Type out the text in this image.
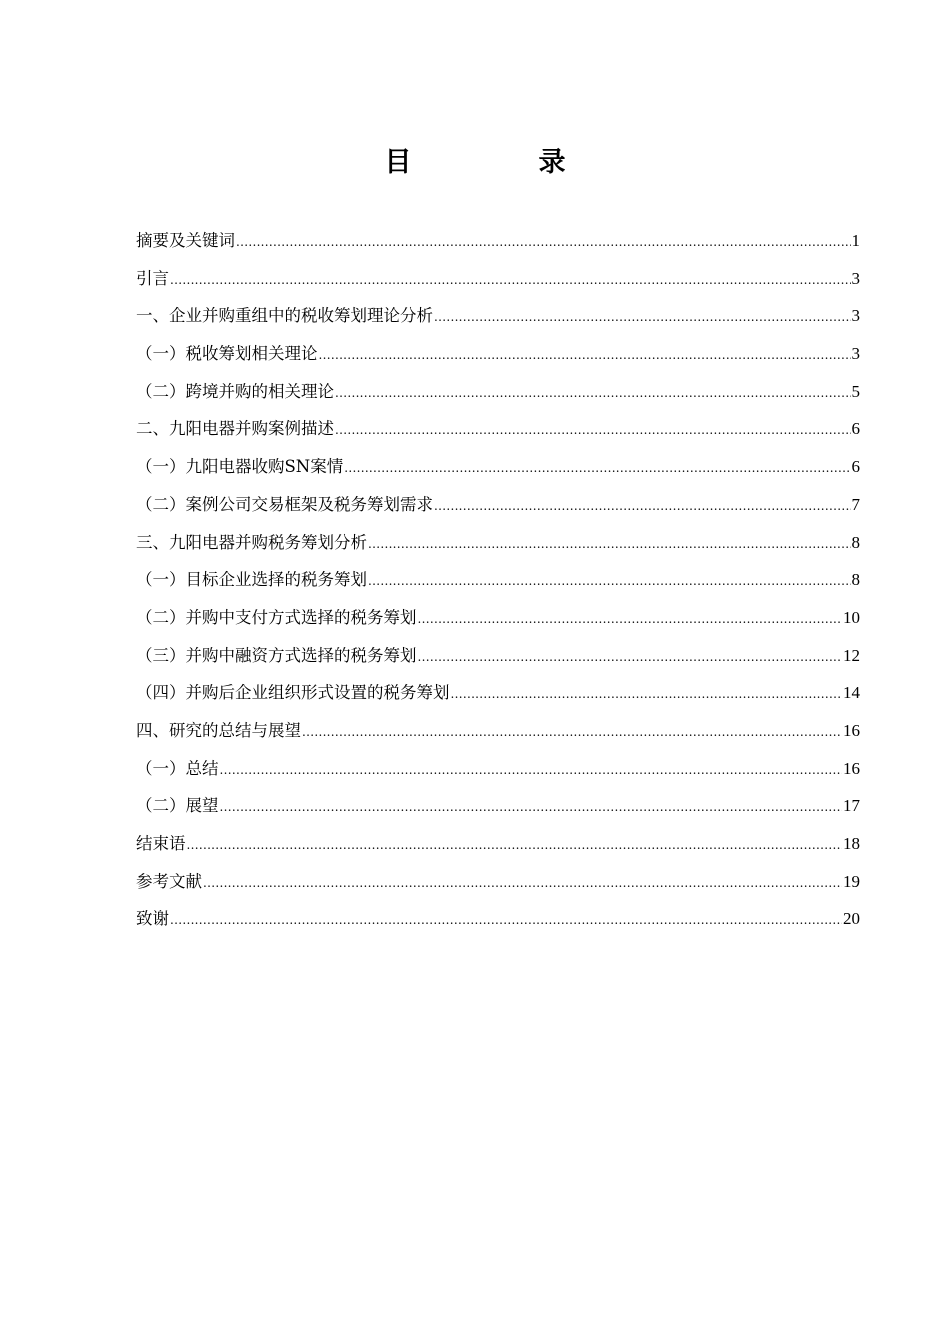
目　录
摘要及关键词 .....	1
引言 .....	3
一、企业并购重组中的税收筹划理论分析 .....	3
（一）税收筹划相关理论 .....	3
（二）跨境并购的相关理论 .....	5
二、九阳电器并购案例描述 .....	6
（一）九阳电器收购SN案情 .....	6
（二）案例公司交易框架及税务筹划需求 .....	7
三、九阳电器并购税务筹划分析 .....	8
（一）目标企业选择的税务筹划 .....	8
（二）并购中支付方式选择的税务筹划 .....	10
（三）并购中融资方式选择的税务筹划 .....	12
（四）并购后企业组织形式设置的税务筹划 .....	14
四、研究的总结与展望 .....	16
（一）总结 .....	16
（二）展望 .....	17
结束语 .....	18
参考文献 .....	19
致谢 .....	20
